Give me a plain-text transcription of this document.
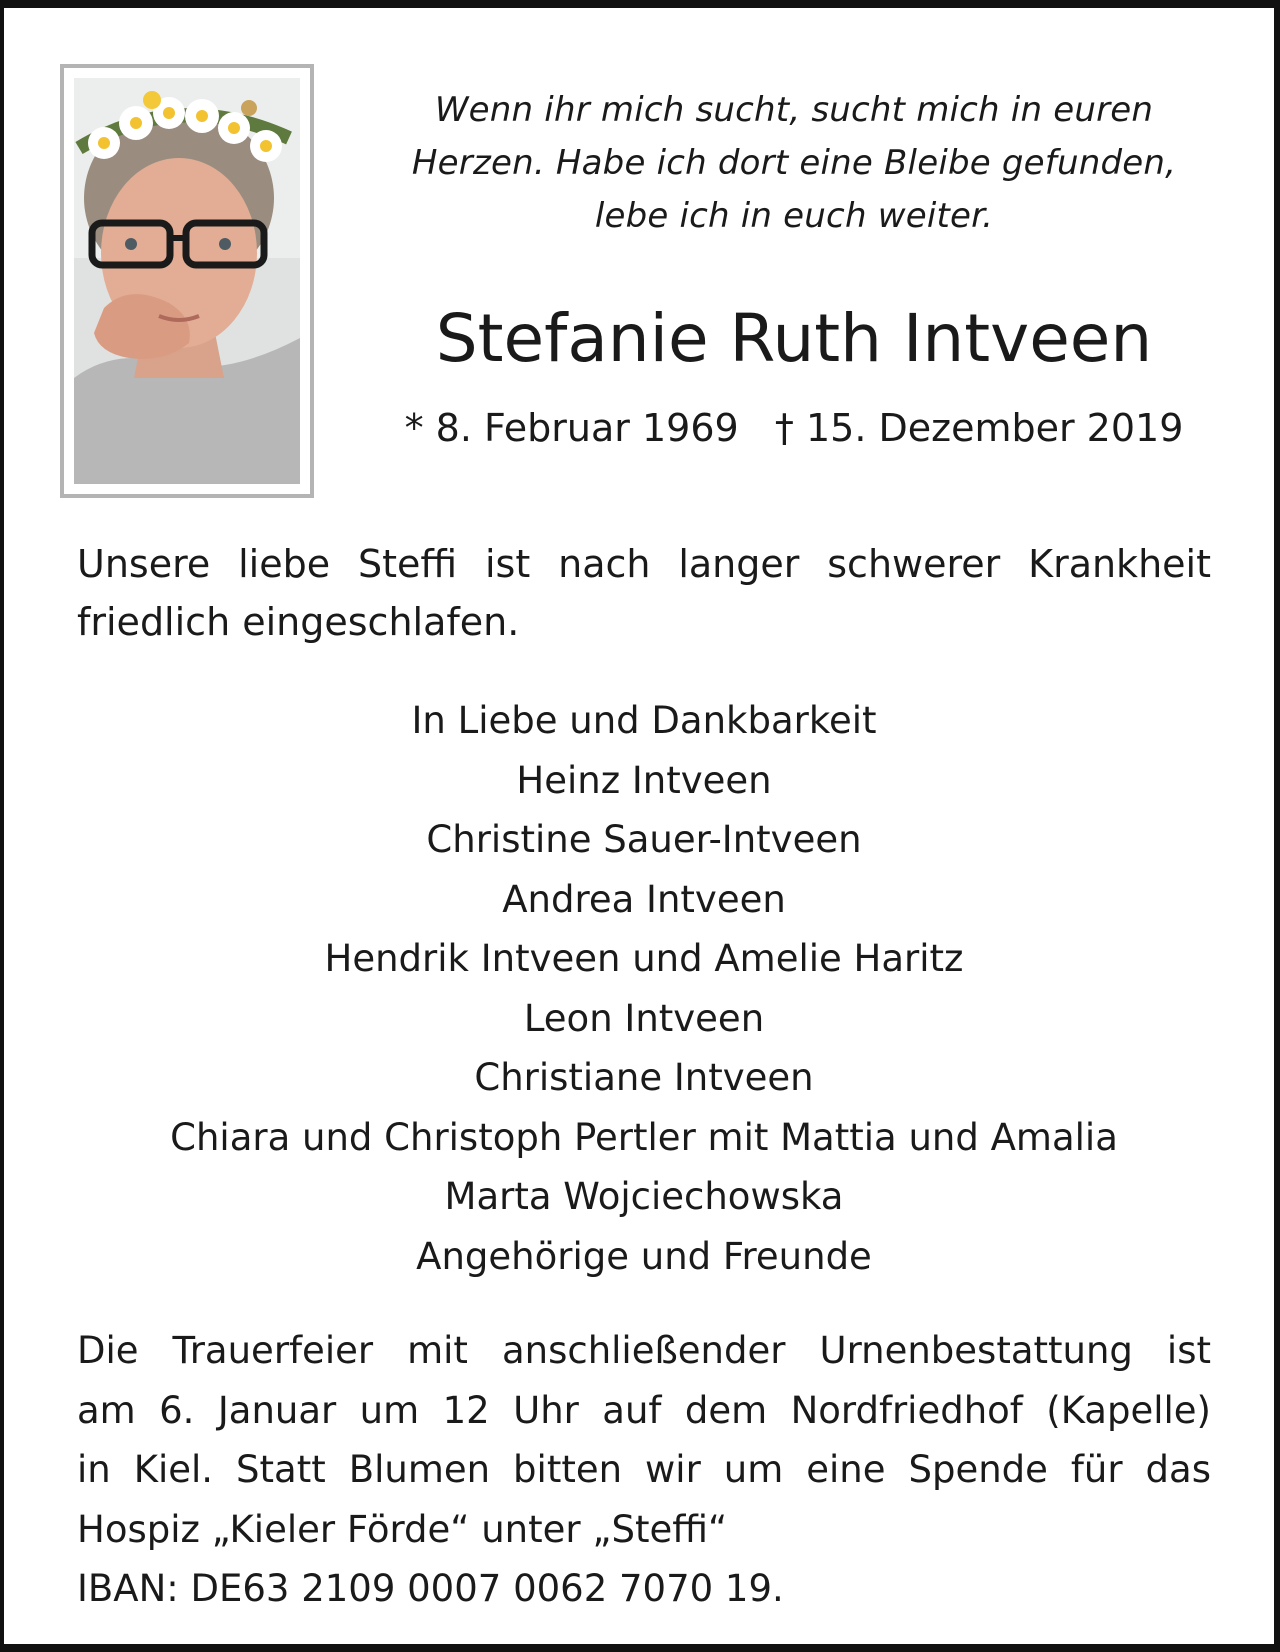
Wenn ihr mich sucht, sucht mich in euren
Herzen. Habe ich dort eine Bleibe gefunden,
lebe ich in euch weiter.

Stefanie Ruth Intveen

* 8. Februar 1969   † 15. Dezember 2019

Unsere liebe Steffi ist nach langer schwerer Krankheit friedlich eingeschlafen.

In Liebe und Dankbarkeit
Heinz Intveen
Christine Sauer-Intveen
Andrea Intveen
Hendrik Intveen und Amelie Haritz
Leon Intveen
Christiane Intveen
Chiara und Christoph Pertler mit Mattia und Amalia
Marta Wojciechowska
Angehörige und Freunde

Die Trauerfeier mit anschließender Urnenbestattung ist
am 6. Januar um 12 Uhr auf dem Nordfriedhof (Kapelle)
in Kiel. Statt Blumen bitten wir um eine Spende für das
Hospiz „Kieler Förde“ unter „Steffi“
IBAN: DE63 2109 0007 0062 7070 19.
